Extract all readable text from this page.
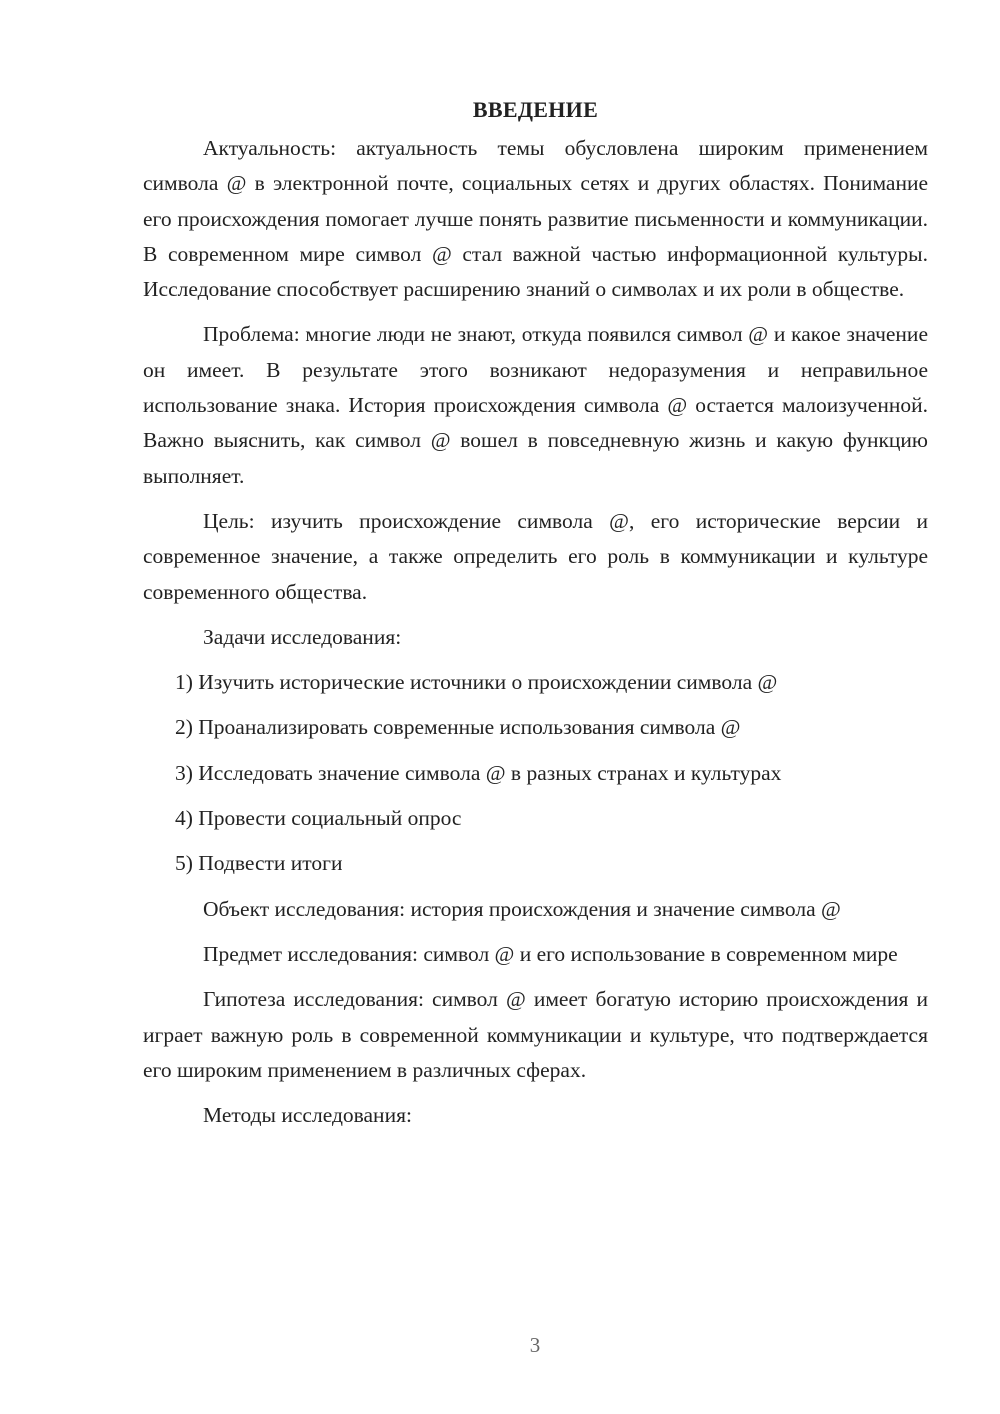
ВВЕДЕНИЕ

Актуальность: актуальность темы обусловлена широким применением символа @ в электронной почте, социальных сетях и других областях. Понимание его происхождения помогает лучше понять развитие письменности и коммуникации. В современном мире символ @ стал важной частью информационной культуры. Исследование способствует расширению знаний о символах и их роли в обществе.

Проблема: многие люди не знают, откуда появился символ @ и какое значение он имеет. В результате этого возникают недоразумения и неправильное использование знака. История происхождения символа @ остается малоизученной. Важно выяснить, как символ @ вошел в повседневную жизнь и какую функцию выполняет.

Цель: изучить происхождение символа @, его исторические версии и современное значение, а также определить его роль в коммуникации и культуре современного общества.

Задачи исследования:

1) Изучить исторические источники о происхождении символа @
2) Проанализировать современные использования символа @
3) Исследовать значение символа @ в разных странах и культурах
4) Провести социальный опрос
5) Подвести итоги

Объект исследования: история происхождения и значение символа @

Предмет исследования: символ @ и его использование в современном мире

Гипотеза исследования: символ @ имеет богатую историю происхождения и играет важную роль в современной коммуникации и культуре, что подтверждается его широким применением в различных сферах.

Методы исследования:

3
